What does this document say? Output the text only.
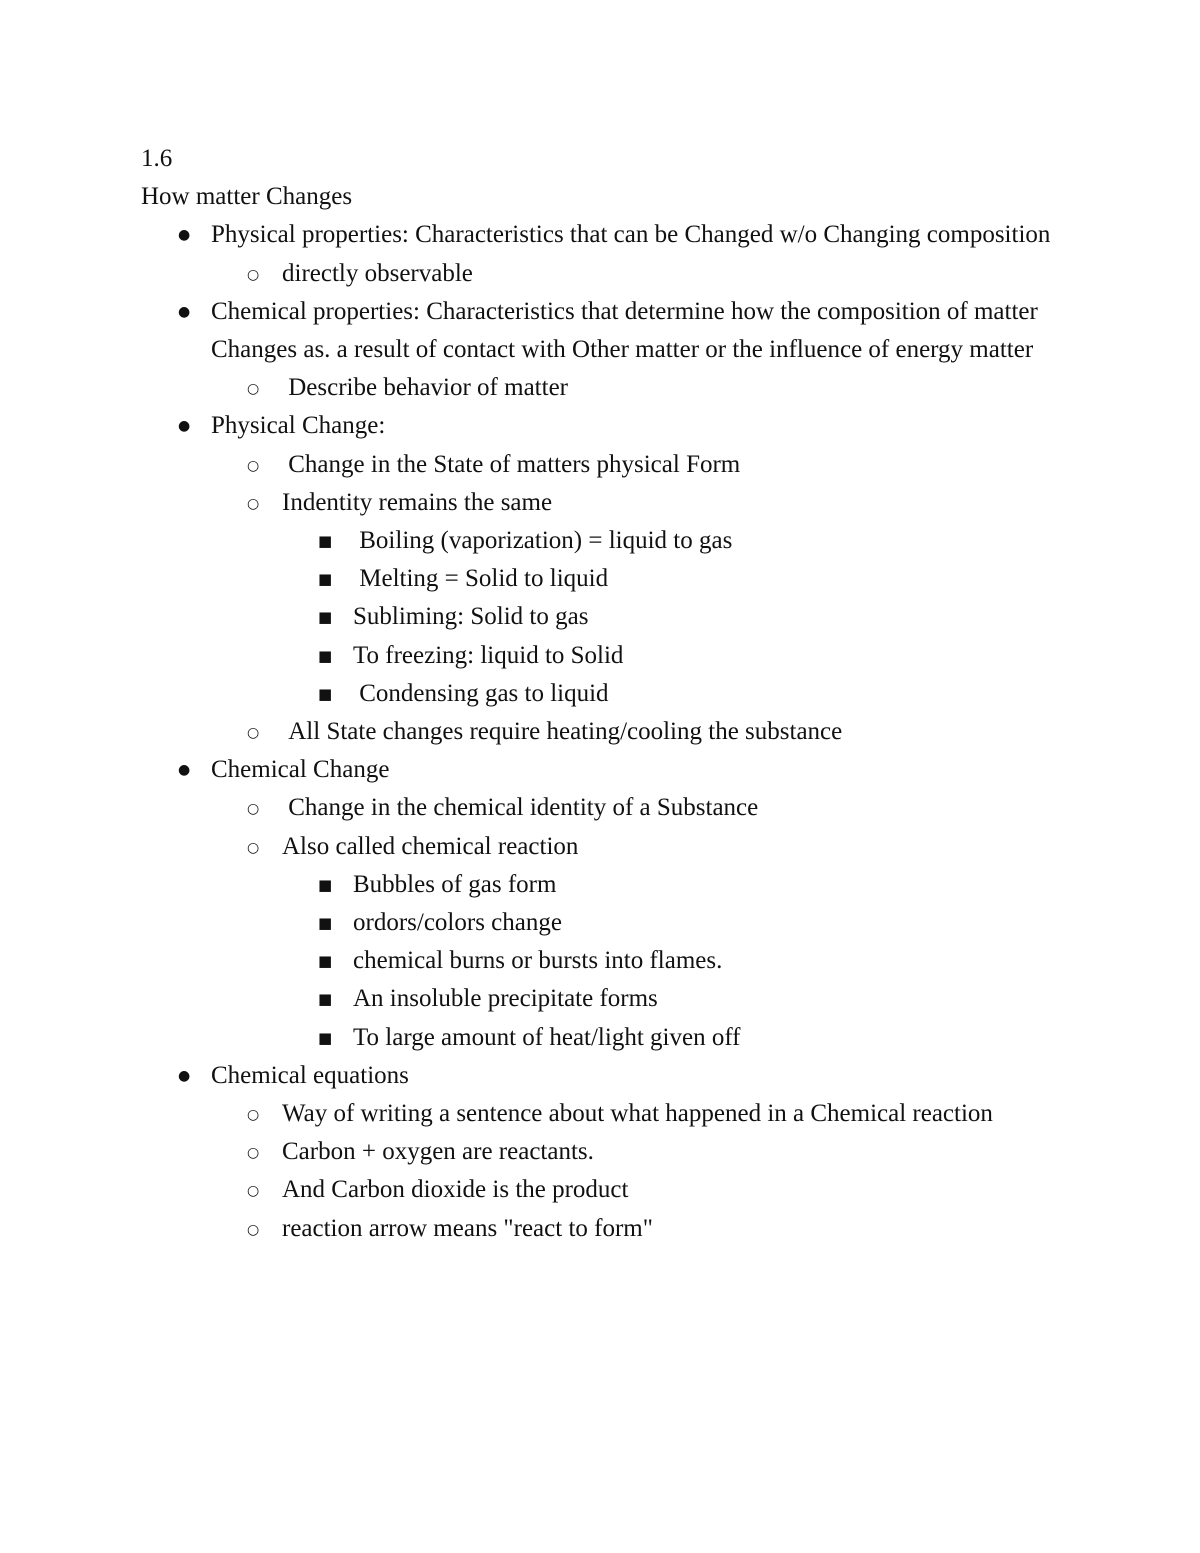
1.6

How matter Changes

● Physical properties: Characteristics that can be Changed w/o Changing composition
○ directly observable
● Chemical properties: Characteristics that determine how the composition of matter Changes as. a result of contact with Other matter or the influence of energy matter
○ Describe behavior of matter
● Physical Change:
○ Change in the State of matters physical Form
○ Indentity remains the same
■ Boiling (vaporization) = liquid to gas
■ Melting = Solid to liquid
■ Subliming: Solid to gas
■ To freezing: liquid to Solid
■ Condensing gas to liquid
○ All State changes require heating/cooling the substance
● Chemical Change
○ Change in the chemical identity of a Substance
○ Also called chemical reaction
■ Bubbles of gas form
■ ordors/colors change
■ chemical burns or bursts into flames.
■ An insoluble precipitate forms
■ To large amount of heat/light given off
● Chemical equations
○ Way of writing a sentence about what happened in a Chemical reaction
○ Carbon + oxygen are reactants.
○ And Carbon dioxide is the product
○ reaction arrow means "react to form"
